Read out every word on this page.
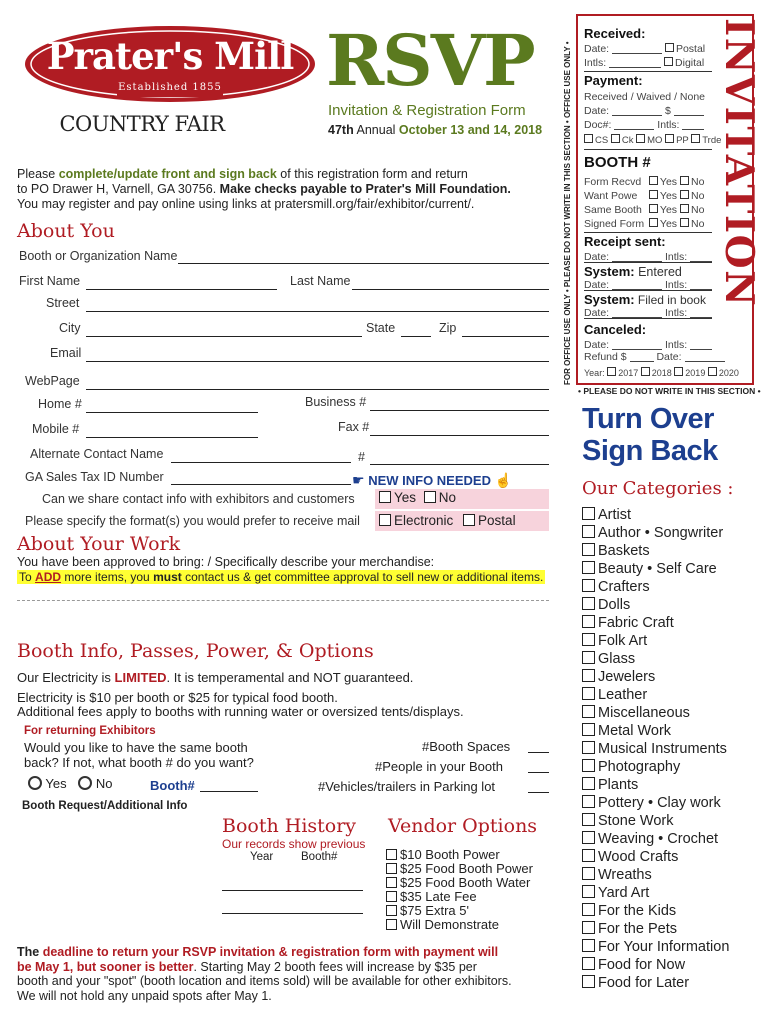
Prater's Mill
Established 1855
COUNTRY FAIR
RSVP
Invitation & Registration Form
47th Annual October 13 and 14, 2018
Please complete/update front and sign back of this registration form and return
to PO Drawer H, Varnell, GA 30756. Make checks payable to Prater's Mill Foundation.
You may register and pay online using links at pratersmill.org/fair/exhibitor/current/.
About You
Booth or Organization Name
First Name	Last Name
Street
City	State	Zip
Email
WebPage
Home #	Business #
Mobile #	Fax #
Alternate Contact Name	#
GA Sales Tax ID Number	☛ NEW INFO NEEDED ☝
Can we share contact info with exhibitors and customers	Yes No
Please specify the format(s) you would prefer to receive mail	Electronic Postal
About Your Work
You have been approved to bring: / Specifically describe your merchandise:
To ADD more items, you must contact us & get committee approval to sell new or additional items.
Booth Info, Passes, Power, & Options
Our Electricity is LIMITED. It is temperamental and NOT guaranteed.
Electricity is $10 per booth or $25 for typical food booth.
Additional fees apply to booths with running water or oversized tents/displays.
For returning Exhibitors
Would you like to have the same booth
back? If not, what booth # do you want?
Yes No	Booth#
#Booth Spaces
#People in your Booth
#Vehicles/trailers in Parking lot
Booth Request/Additional Info
Booth History
Our records show previous
Year Booth#
Vendor Options
$10 Booth Power
$25 Food Booth Power
$25 Food Booth Water
$35 Late Fee
$75 Extra 5'
Will Demonstrate
The deadline to return your RSVP invitation & registration form with payment will
be May 1, but sooner is better. Starting May 2 booth fees will increase by $35 per
booth and your "spot" (booth location and items sold) will be available for other exhibitors.
We will not hold any unpaid spots after May 1.
FOR OFFICE USE ONLY • PLEASE DO NOT WRITE IN THIS SECTION • OFFICE USE ONLY •	INVITATION
Received:
Date:	Postal
Intls:	Digital
Payment:
Received / Waived / None
Date:	$
Doc#:	Intls:
CS Ck MO PP Trde
BOOTH #
Form Recvd Yes No
Want Powe Yes No
Same Booth Yes No
Signed Form Yes No
Receipt sent:
Date:	Intls:
System: Entered
Date:	Intls:
System: Filed in book
Date:	Intls:
Canceled:
Date:	Intls:
Refund $	Date:
Year: 2017 2018 2019 2020
• PLEASE DO NOT WRITE IN THIS SECTION •
Turn Over
Sign Back
Our Categories :
Artist
Author • Songwriter
Baskets
Beauty • Self Care
Crafters
Dolls
Fabric Craft
Folk Art
Glass
Jewelers
Leather
Miscellaneous
Metal Work
Musical Instruments
Photography
Plants
Pottery • Clay work
Stone Work
Weaving • Crochet
Wood Crafts
Wreaths
Yard Art
For the Kids
For the Pets
For Your Information
Food for Now
Food for Later
